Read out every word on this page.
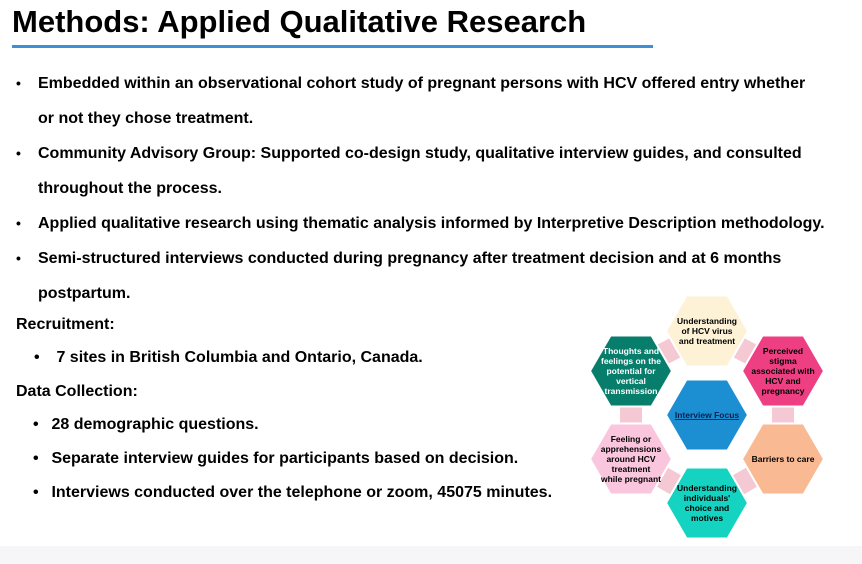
Methods: Applied Qualitative Research
• Embedded within an observational cohort study of pregnant persons with HCV offered entry whether
or not they chose treatment.
• Community Advisory Group: Supported co-design study, qualitative interview guides, and consulted
throughout the process.
• Applied qualitative research using thematic analysis informed by Interpretive Description methodology.
• Semi-structured interviews conducted during pregnancy after treatment decision and at 6 months
postpartum.
Recruitment:
• 7 sites in British Columbia and Ontario, Canada.
Data Collection:
• 28 demographic questions.
• Separate interview guides for participants based on decision.
• Interviews conducted over the telephone or zoom, 45075 minutes.
Understanding
of HCV virus
and treatment
Perceived
stigma
associated with
HCV and
pregnancy
Barriers to care
Understanding
individuals'
choice and
motives
Feeling or
apprehensions
around HCV
treatment
while pregnant
Thoughts and
feelings on the
potential for
vertical
transmission
Interview Focus
